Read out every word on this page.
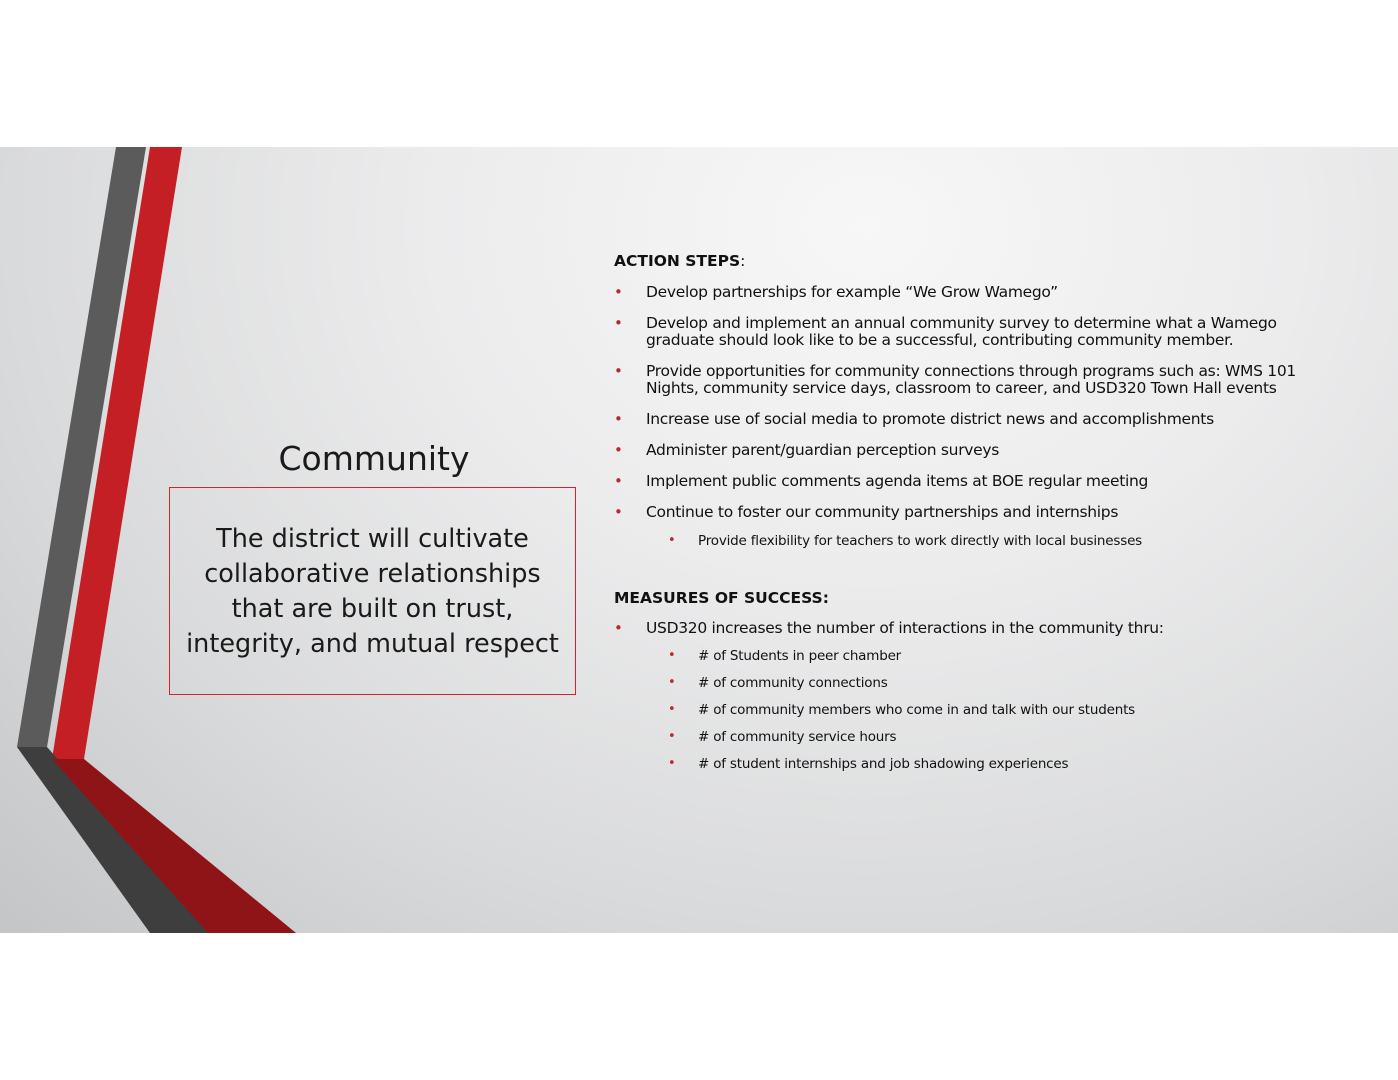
Community
The district will cultivate collaborative relationships that are built on trust, integrity, and mutual respect
ACTION STEPS:
• Develop partnerships for example “We Grow Wamego”
• Develop and implement an annual community survey to determine what a Wamego graduate should look like to be a successful, contributing community member.
• Provide opportunities for community connections through programs such as: WMS 101 Nights, community service days, classroom to career, and USD320 Town Hall events
• Increase use of social media to promote district news and accomplishments
• Administer parent/guardian perception surveys
• Implement public comments agenda items at BOE regular meeting
• Continue to foster our community partnerships and internships
• Provide flexibility for teachers to work directly with local businesses
MEASURES OF SUCCESS:
• USD320 increases the number of interactions in the community thru:
• # of Students in peer chamber
• # of community connections
• # of community members who come in and talk with our students
• # of community service hours
• # of student internships and job shadowing experiences
